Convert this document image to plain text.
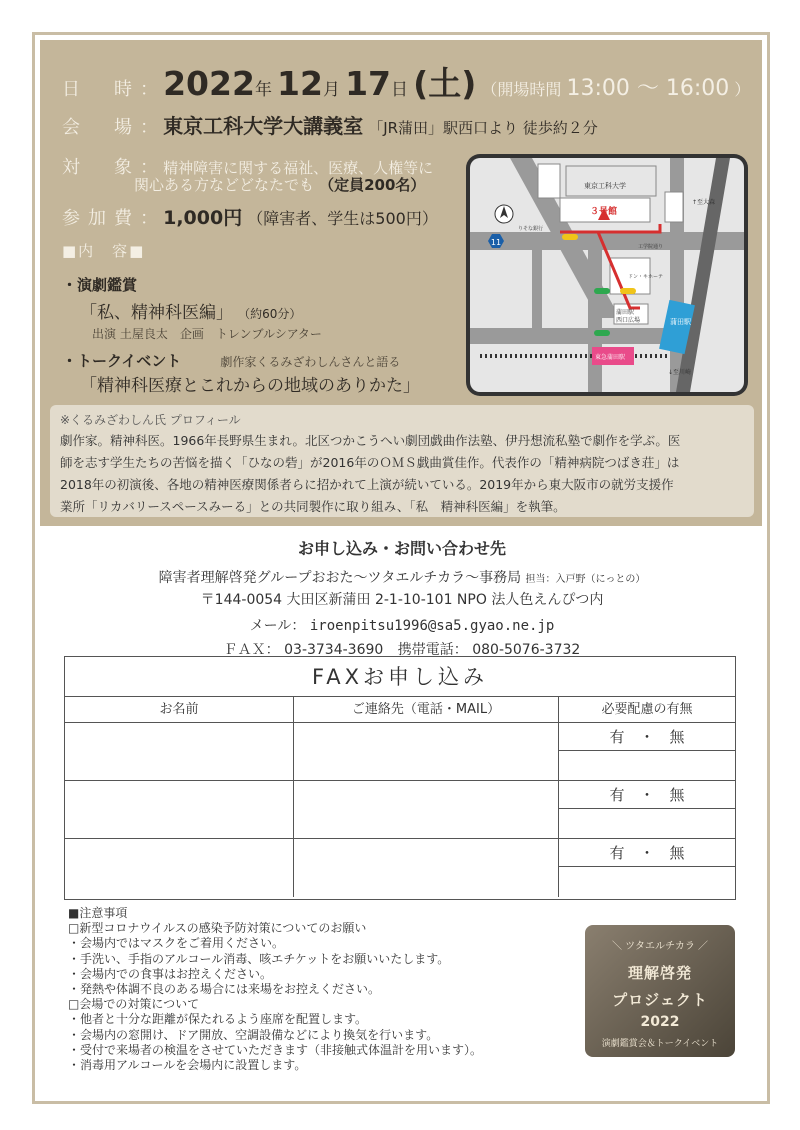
日　時： 2022年 12月 17日 (土) （開場時間 13:00 ～ 16:00 ）
会　場： 東京工科大学大講義室 「JR蒲田」駅西口より 徒歩約２分
対　象： 精神障害に関する福祉、医療、人権等に
関心ある方などどなたでも （定員200名）
参加費： 1,000円 （障害者、学生は500円）
■内　容■
・演劇鑑賞
「私、精神科医編」 （約60分）
出演 土屋良太　企画　トレンブルシアター
・トークイベント	劇作家くるみざわしんさんと語る
「精神科医療とこれからの地域のありかた」
11
東京工科大学
３号館
りそな銀行
ドン・キホーテ
蒲田駅
西口広場	蒲田駅
東急蒲田駅
↑至大森
↓至川崎
工学院通り
※くるみざわしん氏 プロフィール
劇作家。精神科医。1966年長野県生まれ。北区つかこうへい劇団戯曲作法塾、伊丹想流私塾で劇作を学ぶ。医
師を志す学生たちの苦悩を描く「ひなの砦」が2016年のＯＭＳ戯曲賞佳作。代表作の「精神病院つばき荘」は
2018年の初演後、各地の精神医療関係者らに招かれて上演が続いている。2019年から東大阪市の就労支援作
業所「リカバリースペースみーる」との共同製作に取り組み、「私　精神科医編」を執筆。
お申し込み・お問い合わせ先
障害者理解啓発グループおおた～ツタエルチカラ～事務局 担当：入戸野（にっとの）
〒144-0054 大田区新蒲田 2-1-10-101 NPO 法人色えんぴつ内
メール： iroenpitsu1996@sa5.gyao.ne.jp
ＦＡＸ： 03-3734-3690 携帯電話： 080-5076-3732
FAXお申し込み
お名前	ご連絡先（電話・MAIL）	必要配慮の有無
有　・　無
有　・　無
有　・　無
■注意事項
□新型コロナウイルスの感染予防対策についてのお願い
・会場内ではマスクをご着用ください。
・手洗い、手指のアルコール消毒、咳エチケットをお願いいたします。
・会場内での食事はお控えください。
・発熱や体調不良のある場合には来場をお控えください。
□会場での対策について
・他者と十分な距離が保たれるよう座席を配置します。
・会場内の窓開け、ドア開放、空調設備などにより換気を行います。
・受付で来場者の検温をさせていただきます（非接触式体温計を用います）。
・消毒用アルコールを会場内に設置します。
＼ ツタエルチカラ ／
理解啓発
プロジェクト
2022
演劇鑑賞会＆トークイベント
